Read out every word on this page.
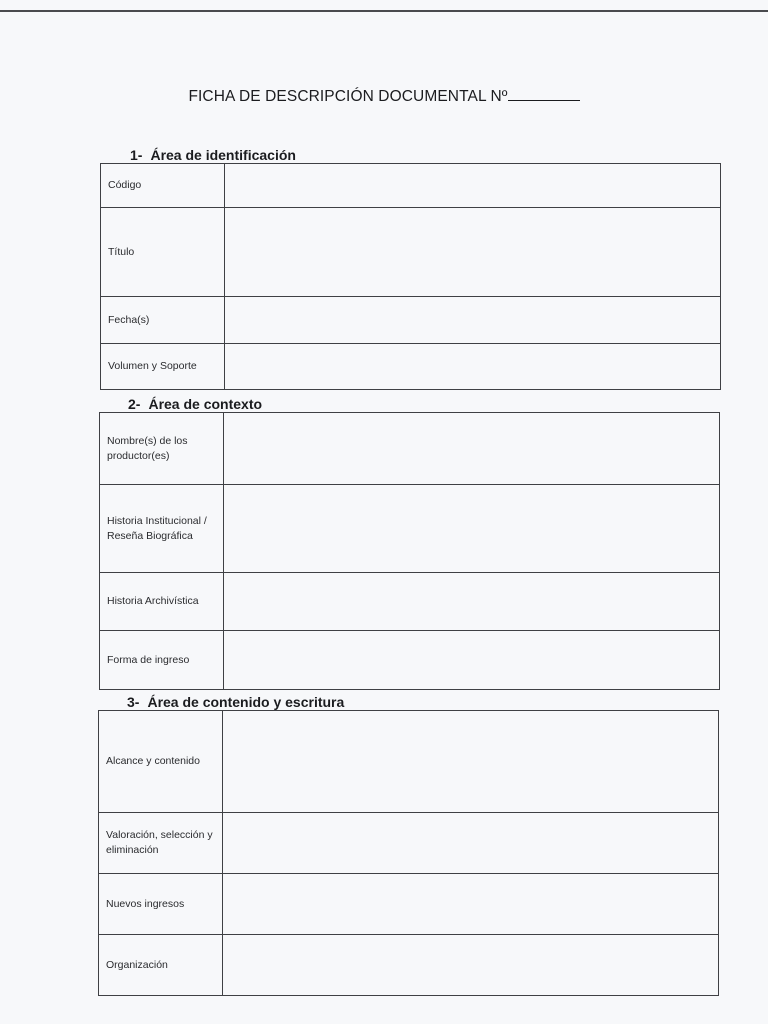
FICHA DE DESCRIPCIÓN DOCUMENTAL Nº
1- Área de identificación
Código	
Título	
Fecha(s)	
Volumen y Soporte	
2- Área de contexto
Nombre(s) de los productor(es)	
Historia Institucional / Reseña Biográfica	
Historia Archivística	
Forma de ingreso	
3- Área de contenido y escritura
Alcance y contenido	
Valoración, selección y eliminación	
Nuevos ingresos	
Organización	
